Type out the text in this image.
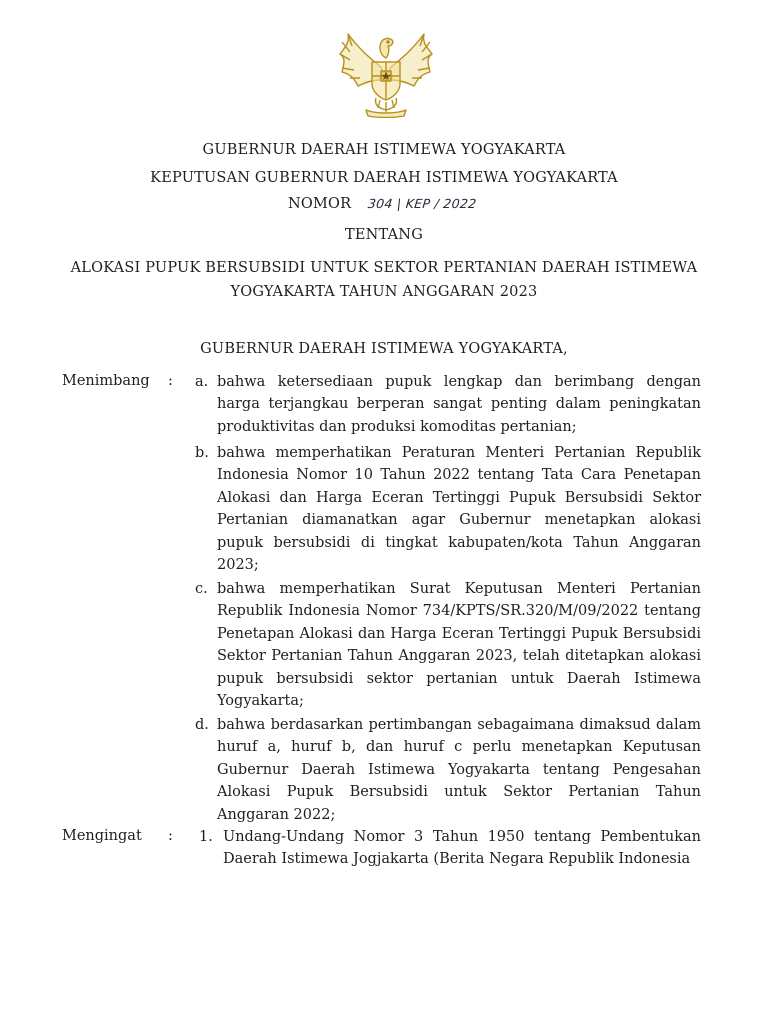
GUBERNUR DAERAH ISTIMEWA YOGYAKARTA
KEPUTUSAN GUBERNUR DAERAH ISTIMEWA YOGYAKARTA
NOMOR 304 | KEP / 2022
TENTANG
ALOKASI PUPUK BERSUBSIDI UNTUK SEKTOR PERTANIAN DAERAH ISTIMEWA
YOGYAKARTA TAHUN ANGGARAN 2023
GUBERNUR DAERAH ISTIMEWA YOGYAKARTA,
Menimbang : a. bahwa ketersediaan pupuk lengkap dan berimbang dengan harga terjangkau berperan sangat penting dalam peningkatan produktivitas dan produksi komoditas pertanian;
b. bahwa memperhatikan Peraturan Menteri Pertanian Republik Indonesia Nomor 10 Tahun 2022 tentang Tata Cara Penetapan Alokasi dan Harga Eceran Tertinggi Pupuk Bersubsidi Sektor Pertanian diamanatkan agar Gubernur menetapkan alokasi pupuk bersubsidi di tingkat kabupaten/kota Tahun Anggaran 2023;
c. bahwa memperhatikan Surat Keputusan Menteri Pertanian Republik Indonesia Nomor 734/KPTS/SR.320/M/09/2022 tentang Penetapan Alokasi dan Harga Eceran Tertinggi Pupuk Bersubsidi Sektor Pertanian Tahun Anggaran 2023, telah ditetapkan alokasi pupuk bersubsidi sektor pertanian untuk Daerah Istimewa Yogyakarta;
d. bahwa berdasarkan pertimbangan sebagaimana dimaksud dalam huruf a, huruf b, dan huruf c perlu menetapkan Keputusan Gubernur Daerah Istimewa Yogyakarta tentang Pengesahan Alokasi Pupuk Bersubsidi untuk Sektor Pertanian Tahun Anggaran 2022;
Mengingat : 1. Undang-Undang Nomor 3 Tahun 1950 tentang Pembentukan Daerah Istimewa Jogjakarta (Berita Negara Republik Indonesia
